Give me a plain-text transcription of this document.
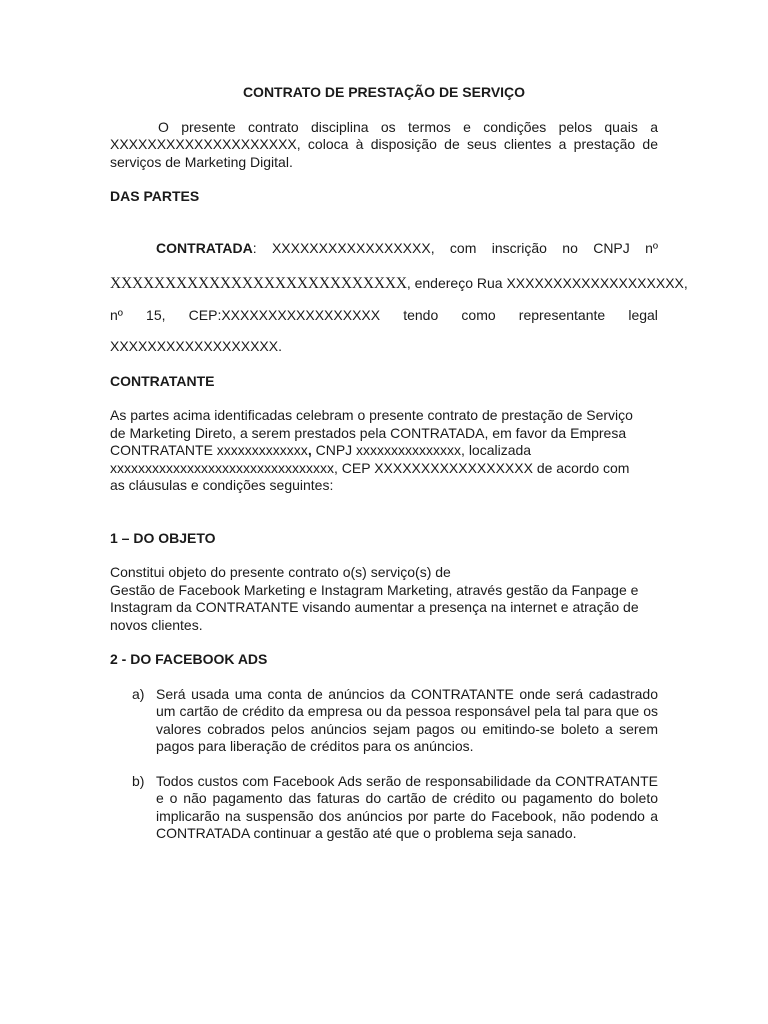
CONTRATO DE PRESTAÇÃO DE SERVIÇO

O presente contrato disciplina os termos e condições pelos quais a

XXXXXXXXXXXXXXXXXXXX, coloca à disposição de seus clientes a prestação de

serviços de Marketing Digital.

DAS PARTES

CONTRATADA:  XXXXXXXXXXXXXXXXX,  com  inscrição  no  CNPJ  nº

XXXXXXXXXXXXXXXXXXXXXXXXXXX, endereço Rua XXXXXXXXXXXXXXXXXXX,

nº 15, CEP:XXXXXXXXXXXXXXXXX tendo como representante legal

XXXXXXXXXXXXXXXXXX.

CONTRATANTE

As partes acima identificadas celebram o presente contrato de prestação de Serviço

de Marketing Direto, a serem prestados pela CONTRATADA, em favor da Empresa

CONTRATANTE xxxxxxxxxxxxx, CNPJ xxxxxxxxxxxxxxx, localizada

xxxxxxxxxxxxxxxxxxxxxxxxxxxxxxxx, CEP XXXXXXXXXXXXXXXXX de acordo com

as cláusulas e condições seguintes:

1 – DO OBJETO

Constitui objeto do presente contrato o(s) serviço(s) de

Gestão de Facebook Marketing e Instagram Marketing, através gestão da Fanpage e

Instagram da CONTRATANTE visando aumentar a presença na internet e atração de

novos clientes.

2 - DO FACEBOOK ADS

a) Será usada uma conta de anúncios da CONTRATANTE onde será cadastrado um cartão de crédito da empresa ou da pessoa responsável pela tal para que os valores cobrados pelos anúncios sejam pagos ou emitindo-se boleto a serem pagos para liberação de créditos para os anúncios.
b) Todos custos com Facebook Ads serão de responsabilidade da CONTRATANTE e o não pagamento das faturas do cartão de crédito ou pagamento do boleto implicarão na suspensão dos anúncios por parte do Facebook, não podendo a CONTRATADA continuar a gestão até que o problema seja sanado.
